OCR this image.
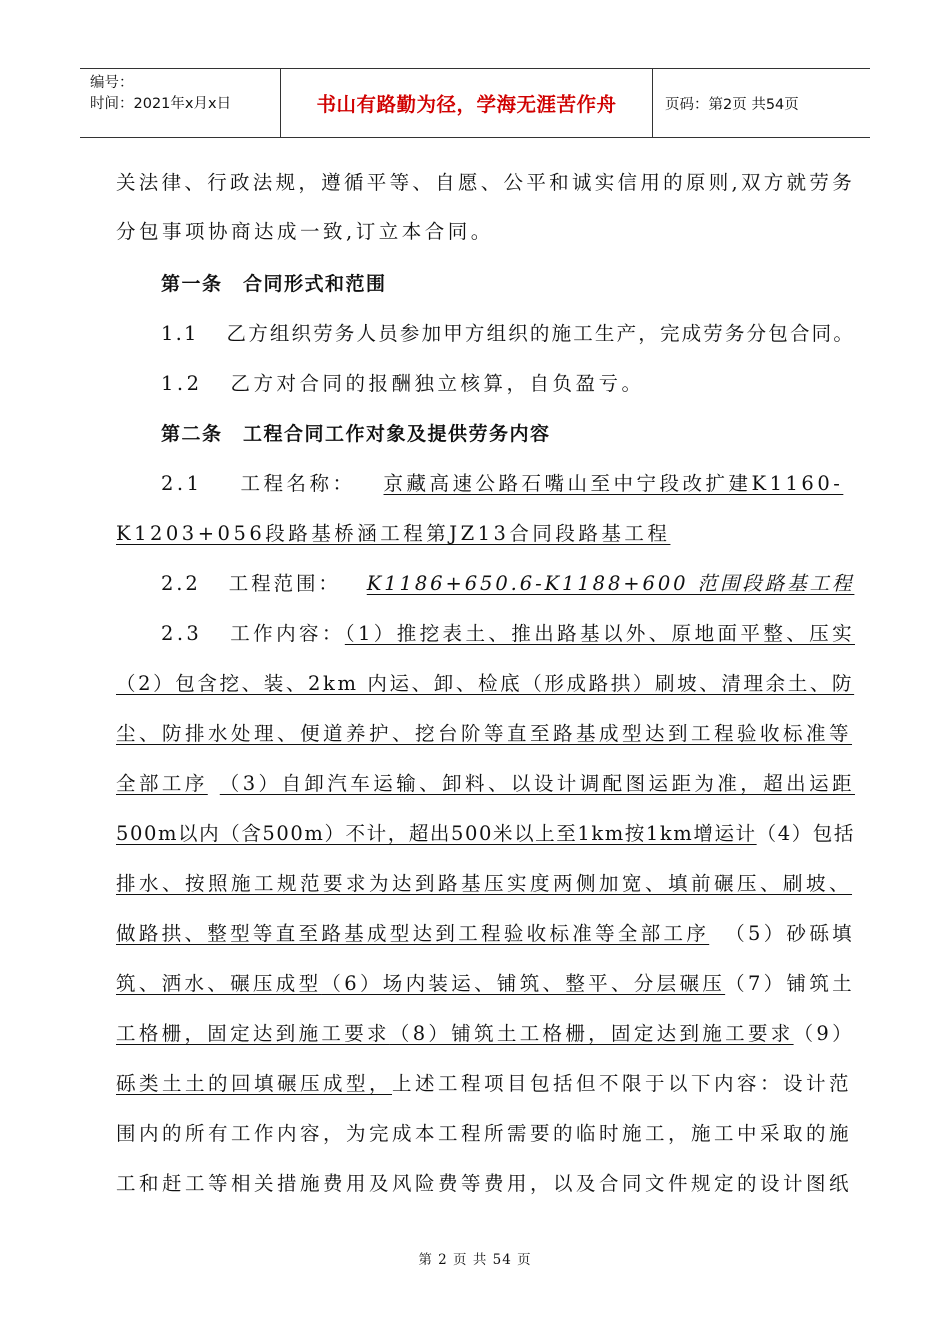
编号：
时间：2021年x月x日	书山有路勤为径，学海无涯苦作舟	页码：第2页 共54页
关法律、行政法规，遵循平等、自愿、公平和诚实信用的原则,双方就劳务
分包事项协商达成一致,订立本合同。
第一条　合同形式和范围
1.1 乙方组织劳务人员参加甲方组织的施工生产，完成劳务分包合同。
1.2 乙方对合同的报酬独立核算，自负盈亏。
第二条　工程合同工作对象及提供劳务内容
2.1 工程名称： 京藏高速公路石嘴山至中宁段改扩建K1160-
K1203+056段路基桥涵工程第JZ13合同段路基工程
2.2 工程范围： K1186+650.6-K1188+600 范围段路基工程
2.3 工作内容：（1）推挖表土、推出路基以外、原地面平整、压实
（2）包含挖、装、2km 内运、卸、检底（形成路拱）刷坡、清理余土、防
尘、防排水处理、便道养护、挖台阶等直至路基成型达到工程验收标准等
全部工序 （3）自卸汽车运输、卸料、以设计调配图运距为准，超出运距
500m以内（含500m）不计，超出500米以上至1km按1km增运计（4）包括
排水、按照施工规范要求为达到路基压实度两侧加宽、填前碾压、刷坡、
做路拱、整型等直至路基成型达到工程验收标准等全部工序 （5）砂砾填
筑、洒水、碾压成型（6）场内装运、铺筑、整平、分层碾压（7）铺筑土
工格栅，固定达到施工要求（8）铺筑土工格栅，固定达到施工要求（9）
砾类土土的回填碾压成型，上述工程项目包括但不限于以下内容：设计范
围内的所有工作内容，为完成本工程所需要的临时施工，施工中采取的施
工和赶工等相关措施费用及风险费等费用，以及合同文件规定的设计图纸
第 2 页 共 54 页
